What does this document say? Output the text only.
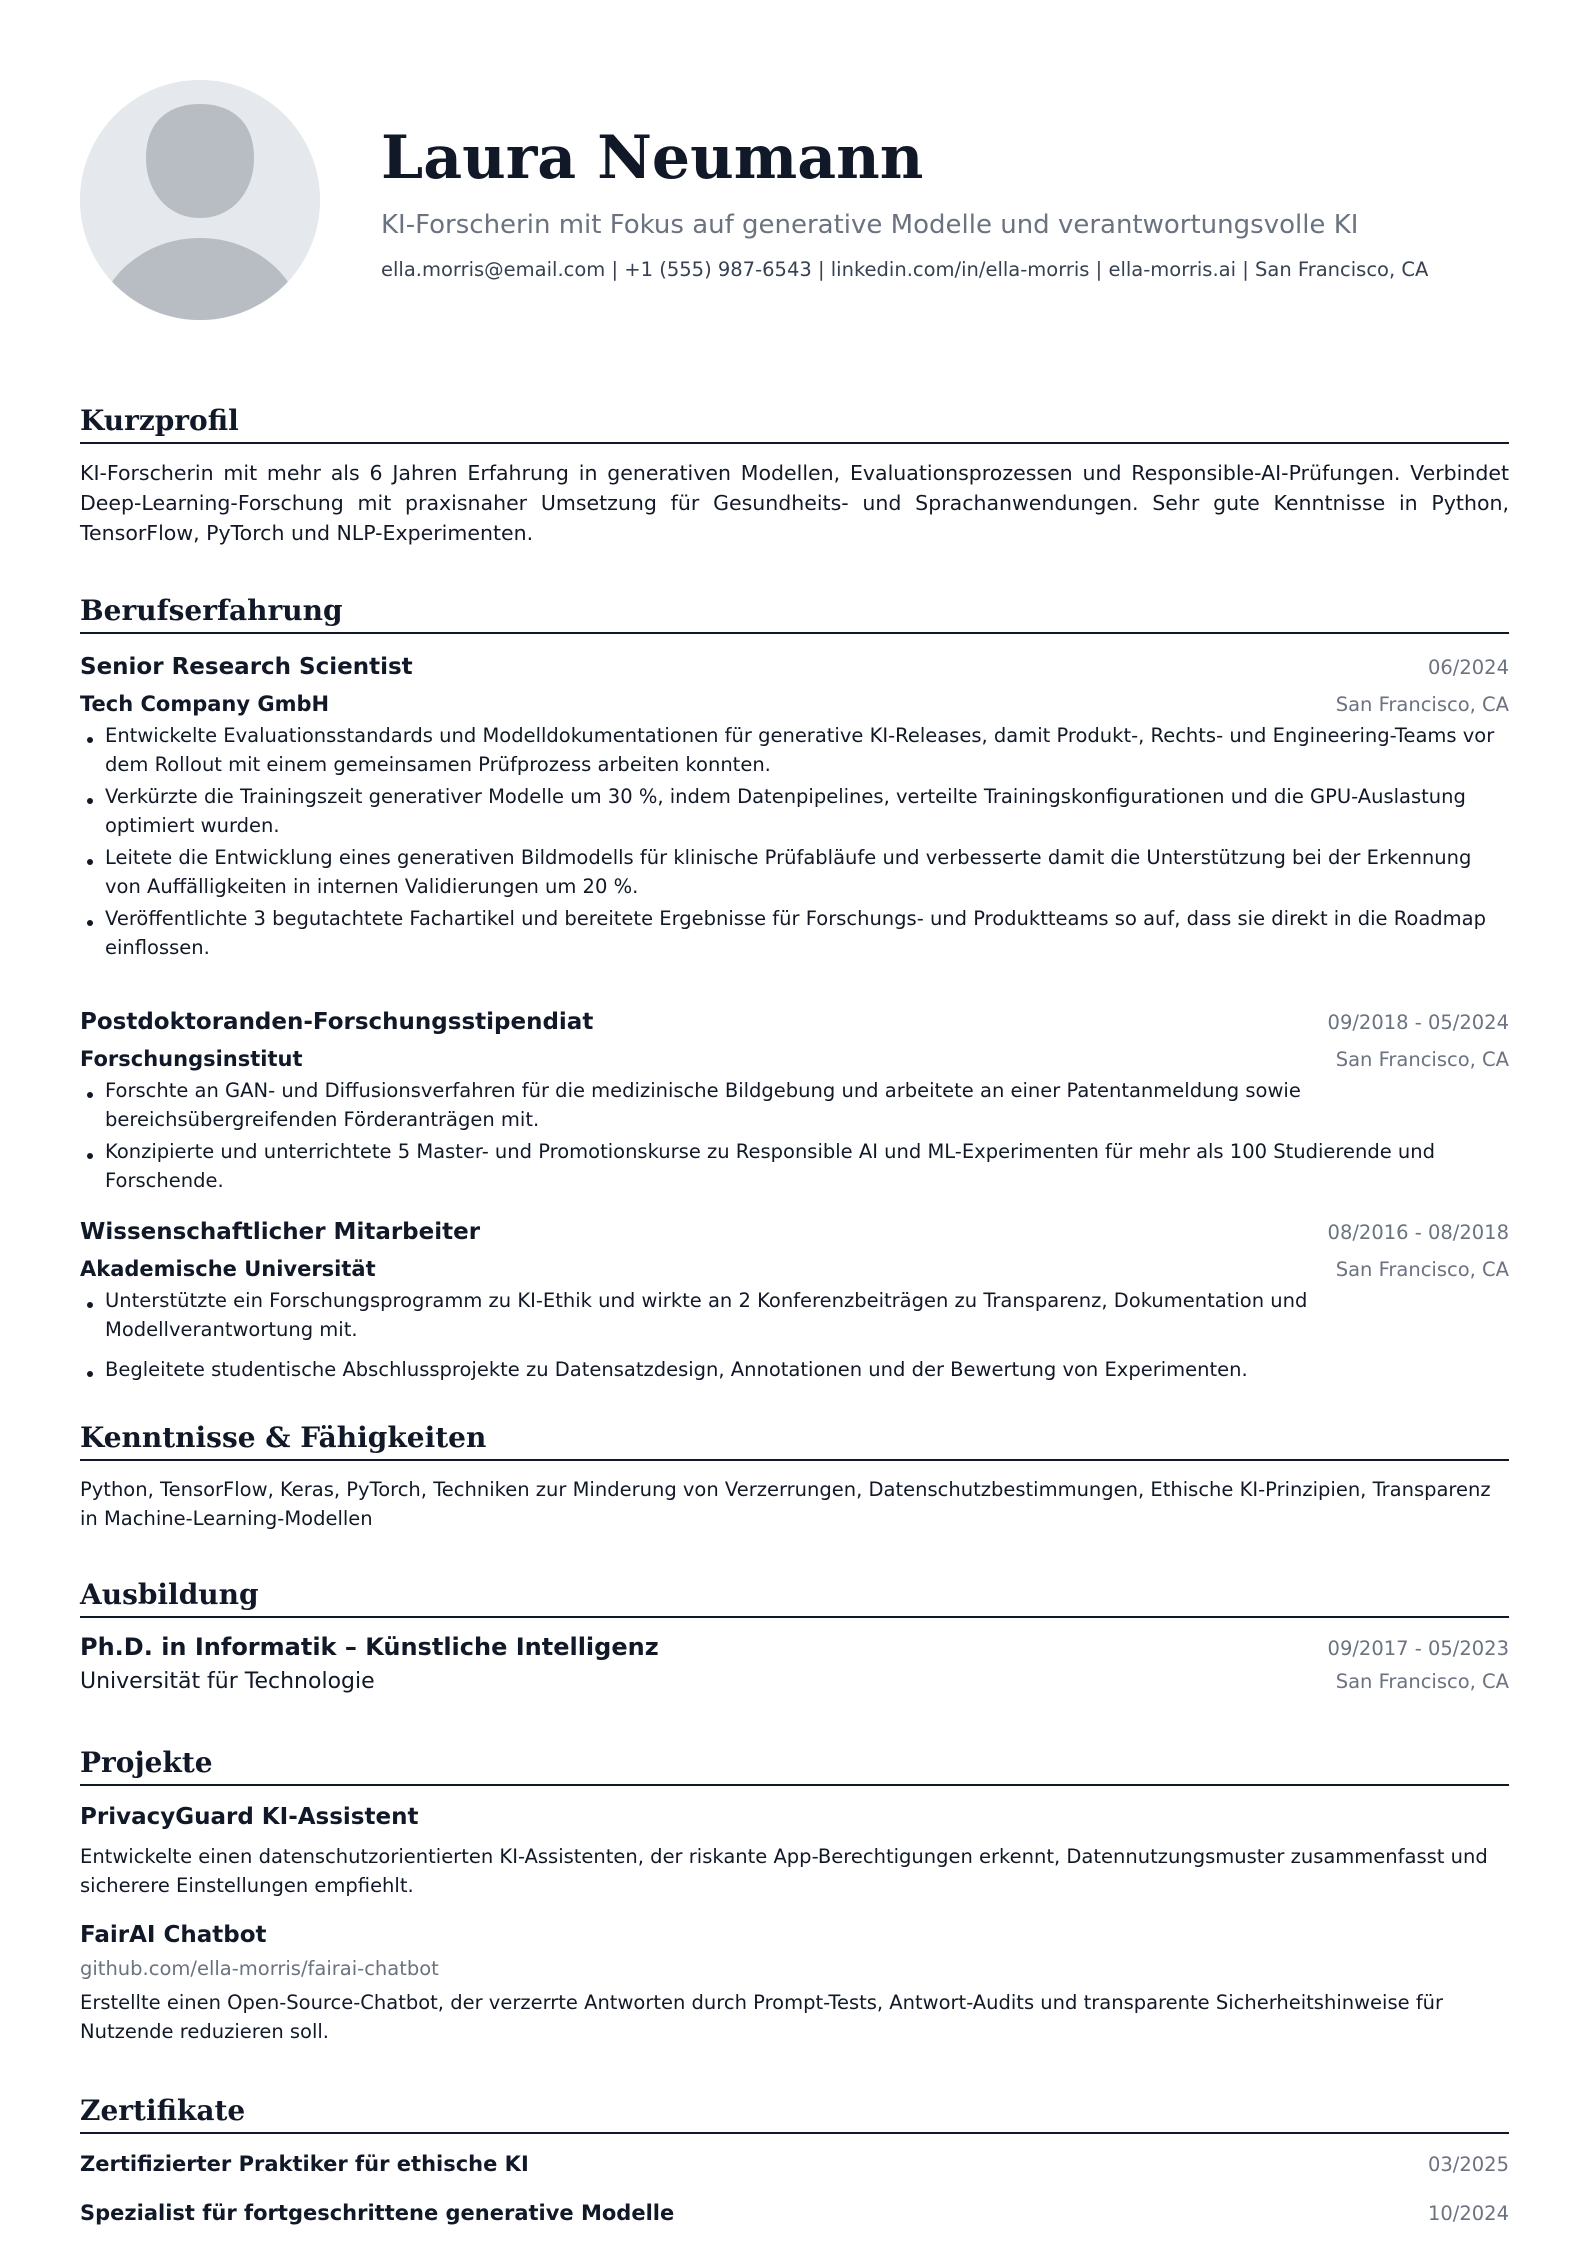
Laura Neumann
KI-Forscherin mit Fokus auf generative Modelle und verantwortungsvolle KI
ella.morris@email.com | +1 (555) 987-6543 | linkedin.com/in/ella-morris | ella-morris.ai | San Francisco, CA
Kurzprofil
KI-Forscherin mit mehr als 6 Jahren Erfahrung in generativen Modellen, Evaluationsprozessen und Responsible-AI-Prüfungen. Verbindet Deep-Learning-Forschung mit praxisnaher Umsetzung für Gesundheits- und Sprachanwendungen. Sehr gute Kenntnisse in Python, TensorFlow, PyTorch und NLP-Experimenten.
Berufserfahrung
Senior Research Scientist	06/2024
Tech Company GmbH	San Francisco, CA
Entwickelte Evaluationsstandards und Modelldokumentationen für generative KI-Releases, damit Produkt-, Rechts- und Engineering-Teams vor dem Rollout mit einem gemeinsamen Prüfprozess arbeiten konnten.
Verkürzte die Trainingszeit generativer Modelle um 30 %, indem Datenpipelines, verteilte Trainingskonfigurationen und die GPU-Auslastung optimiert wurden.
Leitete die Entwicklung eines generativen Bildmodells für klinische Prüfabläufe und verbesserte damit die Unterstützung bei der Erkennung von Auffälligkeiten in internen Validierungen um 20 %.
Veröffentlichte 3 begutachtete Fachartikel und bereitete Ergebnisse für Forschungs- und Produktteams so auf, dass sie direkt in die Roadmap einflossen.
Postdoktoranden-Forschungsstipendiat	09/2018 - 05/2024
Forschungsinstitut	San Francisco, CA
Forschte an GAN- und Diffusionsverfahren für die medizinische Bildgebung und arbeitete an einer Patentanmeldung sowie bereichsübergreifenden Förderanträgen mit.
Konzipierte und unterrichtete 5 Master- und Promotionskurse zu Responsible AI und ML-Experimenten für mehr als 100 Studierende und Forschende.
Wissenschaftlicher Mitarbeiter	08/2016 - 08/2018
Akademische Universität	San Francisco, CA
Unterstützte ein Forschungsprogramm zu KI-Ethik und wirkte an 2 Konferenzbeiträgen zu Transparenz, Dokumentation und Modellverantwortung mit.
Begleitete studentische Abschlussprojekte zu Datensatzdesign, Annotationen und der Bewertung von Experimenten.
Kenntnisse & Fähigkeiten
Python, TensorFlow, Keras, PyTorch, Techniken zur Minderung von Verzerrungen, Datenschutzbestimmungen, Ethische KI-Prinzipien, Transparenz in Machine-Learning-Modellen
Ausbildung
Ph.D. in Informatik – Künstliche Intelligenz	09/2017 - 05/2023
Universität für Technologie	San Francisco, CA
Projekte
PrivacyGuard KI-Assistent
Entwickelte einen datenschutzorientierten KI-Assistenten, der riskante App-Berechtigungen erkennt, Datennutzungsmuster zusammenfasst und sicherere Einstellungen empfiehlt.
FairAI Chatbot
github.com/ella-morris/fairai-chatbot
Erstellte einen Open-Source-Chatbot, der verzerrte Antworten durch Prompt-Tests, Antwort-Audits und transparente Sicherheitshinweise für Nutzende reduzieren soll.
Zertifikate
Zertifizierter Praktiker für ethische KI	03/2025
Spezialist für fortgeschrittene generative Modelle	10/2024
